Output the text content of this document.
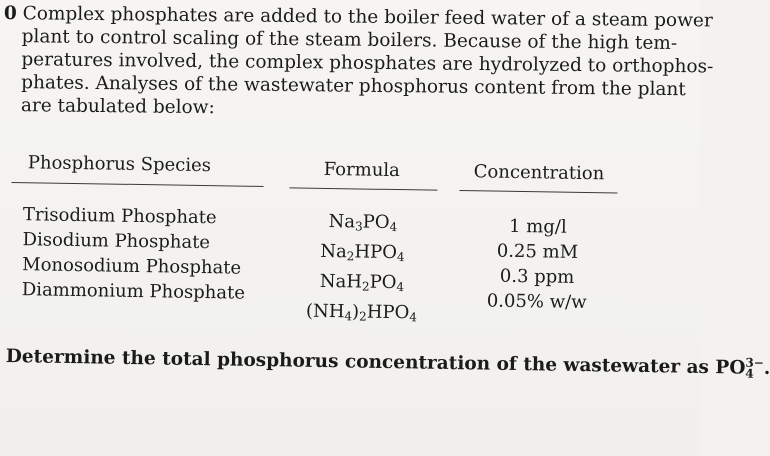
0 Complex phosphates are added to the boiler feed water of a steam power
plant to control scaling of the steam boilers. Because of the high tem-
peratures involved, the complex phosphates are hydrolyzed to orthophos-
phates. Analyses of the wastewater phosphorus content from the plant
are tabulated below:
Phosphorus Species	Formula	Concentration
Trisodium Phosphate
Disodium Phosphate
Monosodium Phosphate
Diammonium Phosphate
$Na_3PO_4$
$Na_2HPO_4$
$NaH_2PO_4$
$(NH_4)_2HPO_4$
1 mg/l
0.25 mM
0.3 ppm
0.05% w/w
Determine the total phosphorus concentration of the wastewater as PO 3−
4 .
